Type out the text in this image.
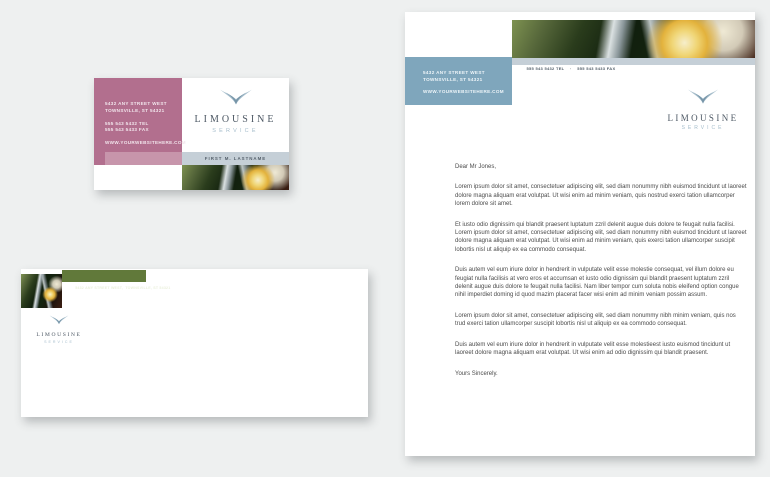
5432 ANY STREET WEST
TOWNSVILLE, ST 54321
555 543 5432 TEL
555 543 5433 FAX
WWW.YOURWEBSITEHERE.COM
FIRST M. LASTNAME
LIMOUSINE
SERVICE

5432 ANY STREET WEST,  TOWNSVILLE, ST 54321

LIMOUSINE
SERVICE

555 543 5432 TEL    ·    555 543 5433 FAX

5432 ANY STREET WEST
TOWNSVILLE, ST 54321
WWW.YOURWEBSITEHERE.COM
LIMOUSINE
SERVICE

Dear Mr Jones,

Lorem ipsum dolor sit amet, consectetuer adipiscing elit, sed diam nonummy nibh euismod tincidunt ut laoreet dolore magna aliquam erat volutpat. Ut wisi enim ad minim veniam, quis nostrud exerci tation ullamcorper lorem dolore sit amet.

Et iusto odio dignissim qui blandit praesent luptatum zzril delenit augue duis dolore te feugait nulla facilisi. Lorem ipsum dolor sit amet, consectetuer adipiscing elit, sed diam nonummy nibh euismod tincidunt ut laoreet dolore magna aliquam erat volutpat. Ut wisi enim ad minim veniam, quis exerci tation ullamcorper suscipit lobortis nisl ut aliquip ex ea commodo consequat.

Duis autem vel eum iriure dolor in hendrerit in vulputate velit esse molestie consequat, vel illum dolore eu feugiat nulla facilisis at vero eros et accumsan et iusto odio dignissim qui blandit praesent luptatum zzril delenit augue duis dolore te feugait nulla facilisi. Nam liber tempor cum soluta nobis eleifend option congue nihil imperdiet doming id quod mazim placerat facer wisi enim ad minim veniam possim assum.

Lorem ipsum dolor sit amet, consectetuer adipiscing elit, sed diam nonummy nibh minim veniam, quis nos trud exerci tation ullamcorper suscipit lobortis nisl ut aliquip ex ea commodo consequat.

Duis autem vel eum iriure dolor in hendrerit in vulputate velit esse molestieest iusto euismod tincidunt ut laoreet dolore magna aliquam erat volutpat. Ut wisi enim ad odio dignissim qui blandit praesent.

Yours Sincerely.
